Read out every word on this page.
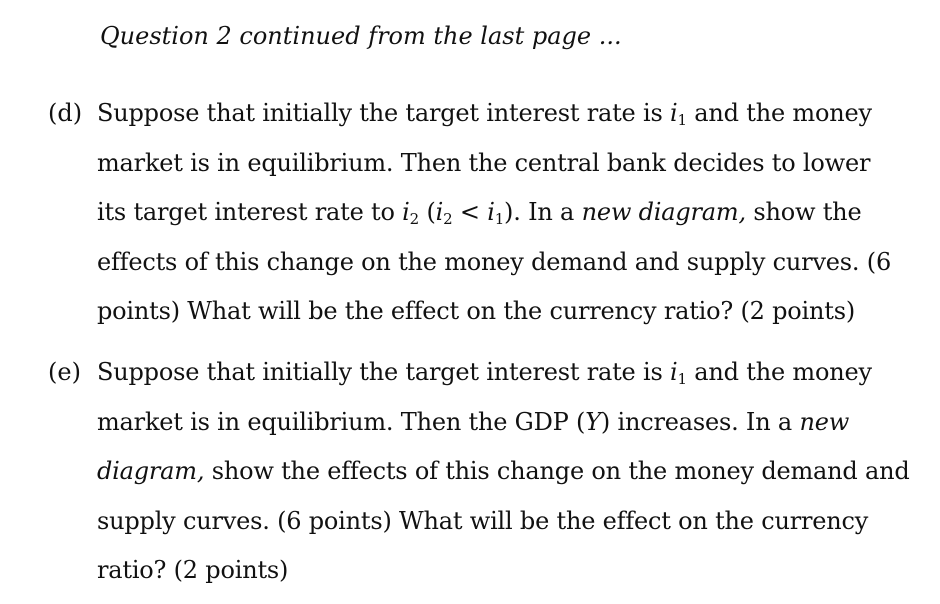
Question 2 continued from the last page ...
(d) Suppose that initially the target interest rate is $i_1$ and the money
market is in equilibrium. Then the central bank decides to lower
its target interest rate to $i_2$ $(i_2 < i_1)$. In a new diagram, show the
effects of this change on the money demand and supply curves. (6
points) What will be the effect on the currency ratio? (2 points)
(e) Suppose that initially the target interest rate is $i_1$ and the money
market is in equilibrium. Then the GDP (Y) increases. In a new
diagram, show the effects of this change on the money demand and
supply curves. (6 points) What will be the effect on the currency
ratio? (2 points)
